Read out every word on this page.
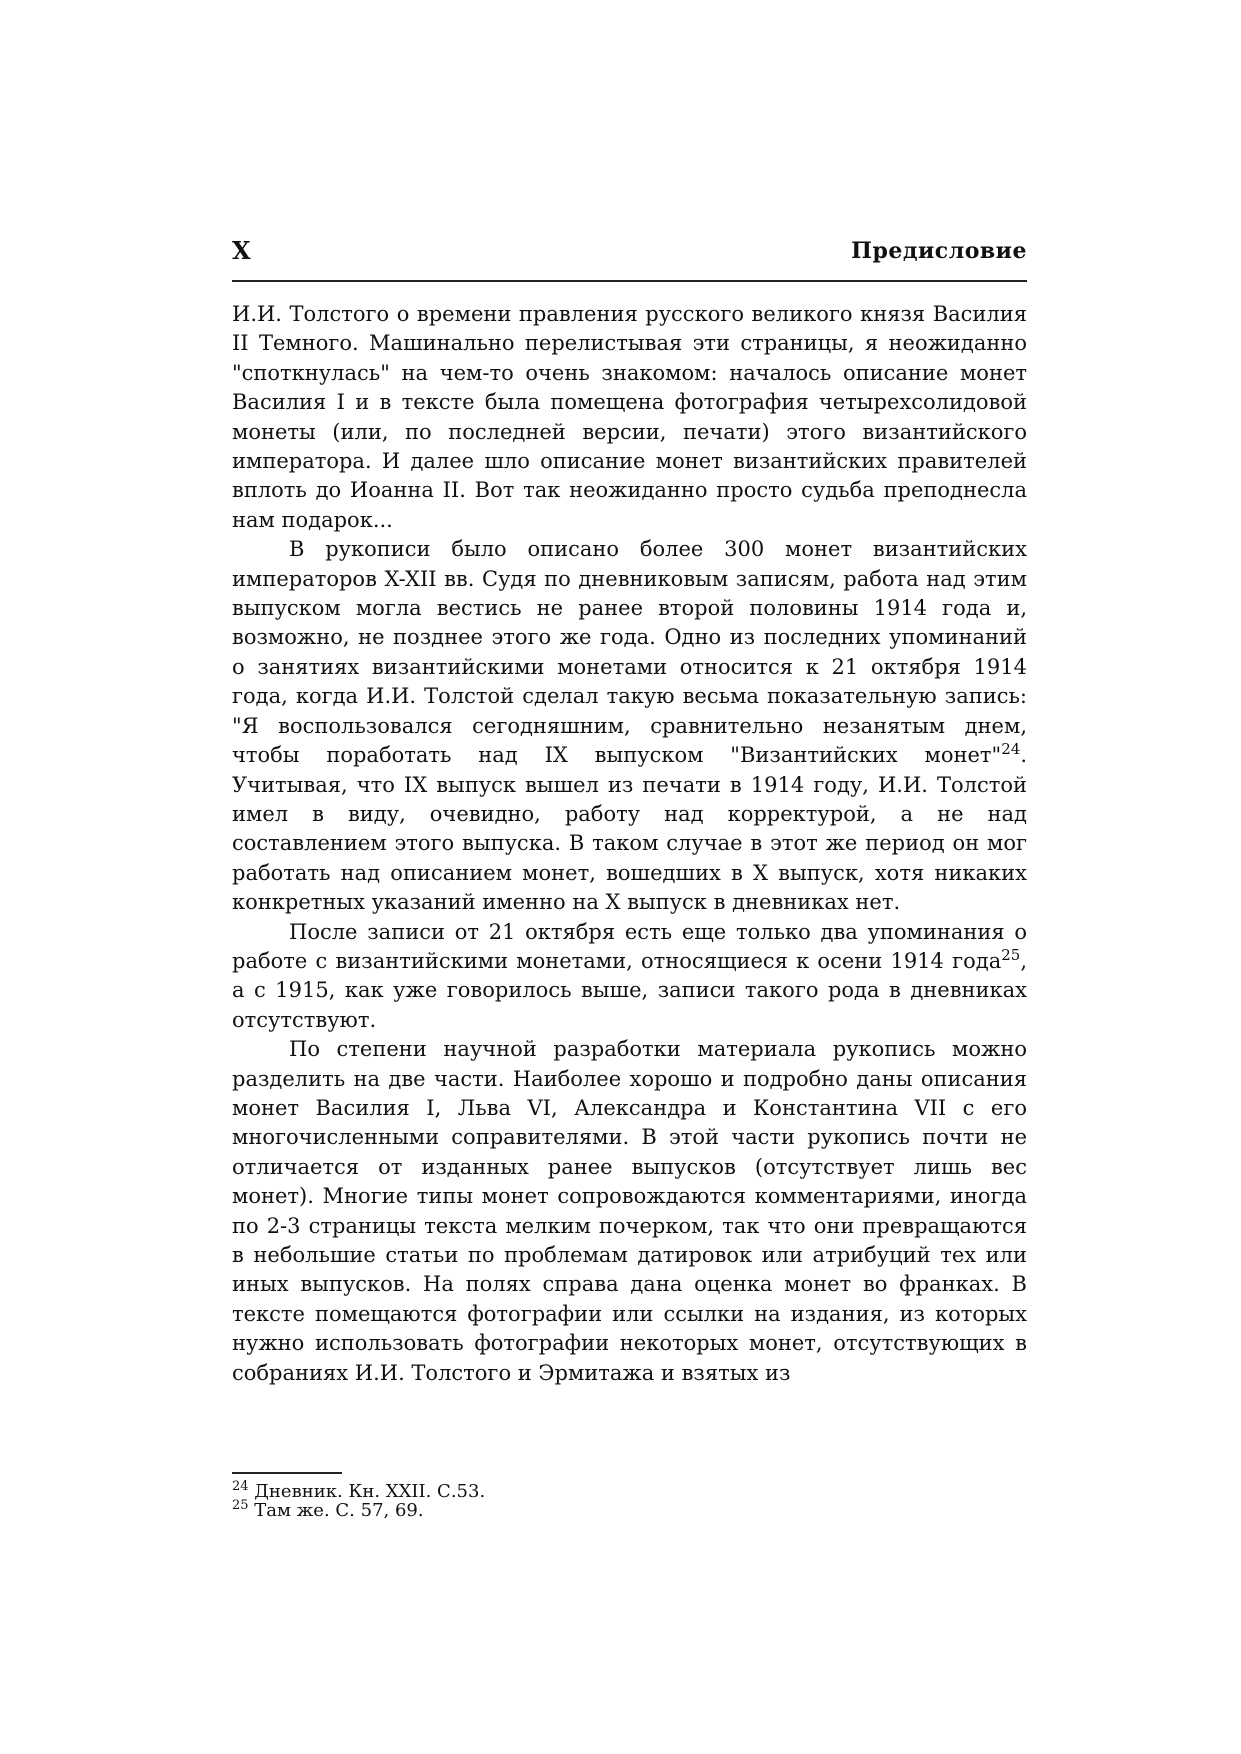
X	Предисловие

И.И. Толстого о времени правления русского великого князя Василия II Темного. Машинально перелистывая эти страницы, я неожиданно "споткнулась" на чем-то очень знакомом: началось описание монет Василия I и в тексте была помещена фотография четырехсолидовой монеты (или, по последней версии, печати) этого византийского императора. И далее шло описание монет византийских правителей вплоть до Иоанна II. Вот так неожиданно просто судьба преподнесла нам подарок...

В рукописи было описано более 300 монет византийских императоров X-XII вв. Судя по дневниковым записям, работа над этим выпуском могла вестись не ранее второй половины 1914 года и, возможно, не позднее этого же года. Одно из последних упоминаний о занятиях византийскими монетами относится к 21 октября 1914 года, когда И.И. Толстой сделал такую весьма показательную запись: "Я воспользовался сегодняшним, сравнительно незанятым днем, чтобы поработать над IX выпуском "Византийских монет"$^{24}$. Учитывая, что IX выпуск вышел из печати в 1914 году, И.И. Толстой имел в виду, очевидно, работу над корректурой, а не над составлением этого выпуска. В таком случае в этот же период он мог работать над описанием монет, вошедших в X выпуск, хотя никаких конкретных указаний именно на X выпуск в дневниках нет.

После записи от 21 октября есть еще только два упоминания о работе с византийскими монетами, относящиеся к осени 1914 года$^{25}$, а с 1915, как уже говорилось выше, записи такого рода в дневниках отсутствуют.

По степени научной разработки материала рукопись можно разделить на две части. Наиболее хорошо и подробно даны описания монет Василия I, Льва VI, Александра и Константина VII с его многочисленными соправителями. В этой части рукопись почти не отличается от изданных ранее выпусков (отсутствует лишь вес монет). Многие типы монет сопровождаются комментариями, иногда по 2-3 страницы текста мелким почерком, так что они превращаются в небольшие статьи по проблемам датировок или атрибуций тех или иных выпусков. На полях справа дана оценка монет во франках. В тексте помещаются фотографии или ссылки на издания, из которых нужно использовать фотографии некоторых монет, отсутствующих в собраниях И.И. Толстого и Эрмитажа и взятых из

$^{24}$ Дневник. Кн. XXII. С.53.

$^{25}$ Там же. С. 57, 69.
